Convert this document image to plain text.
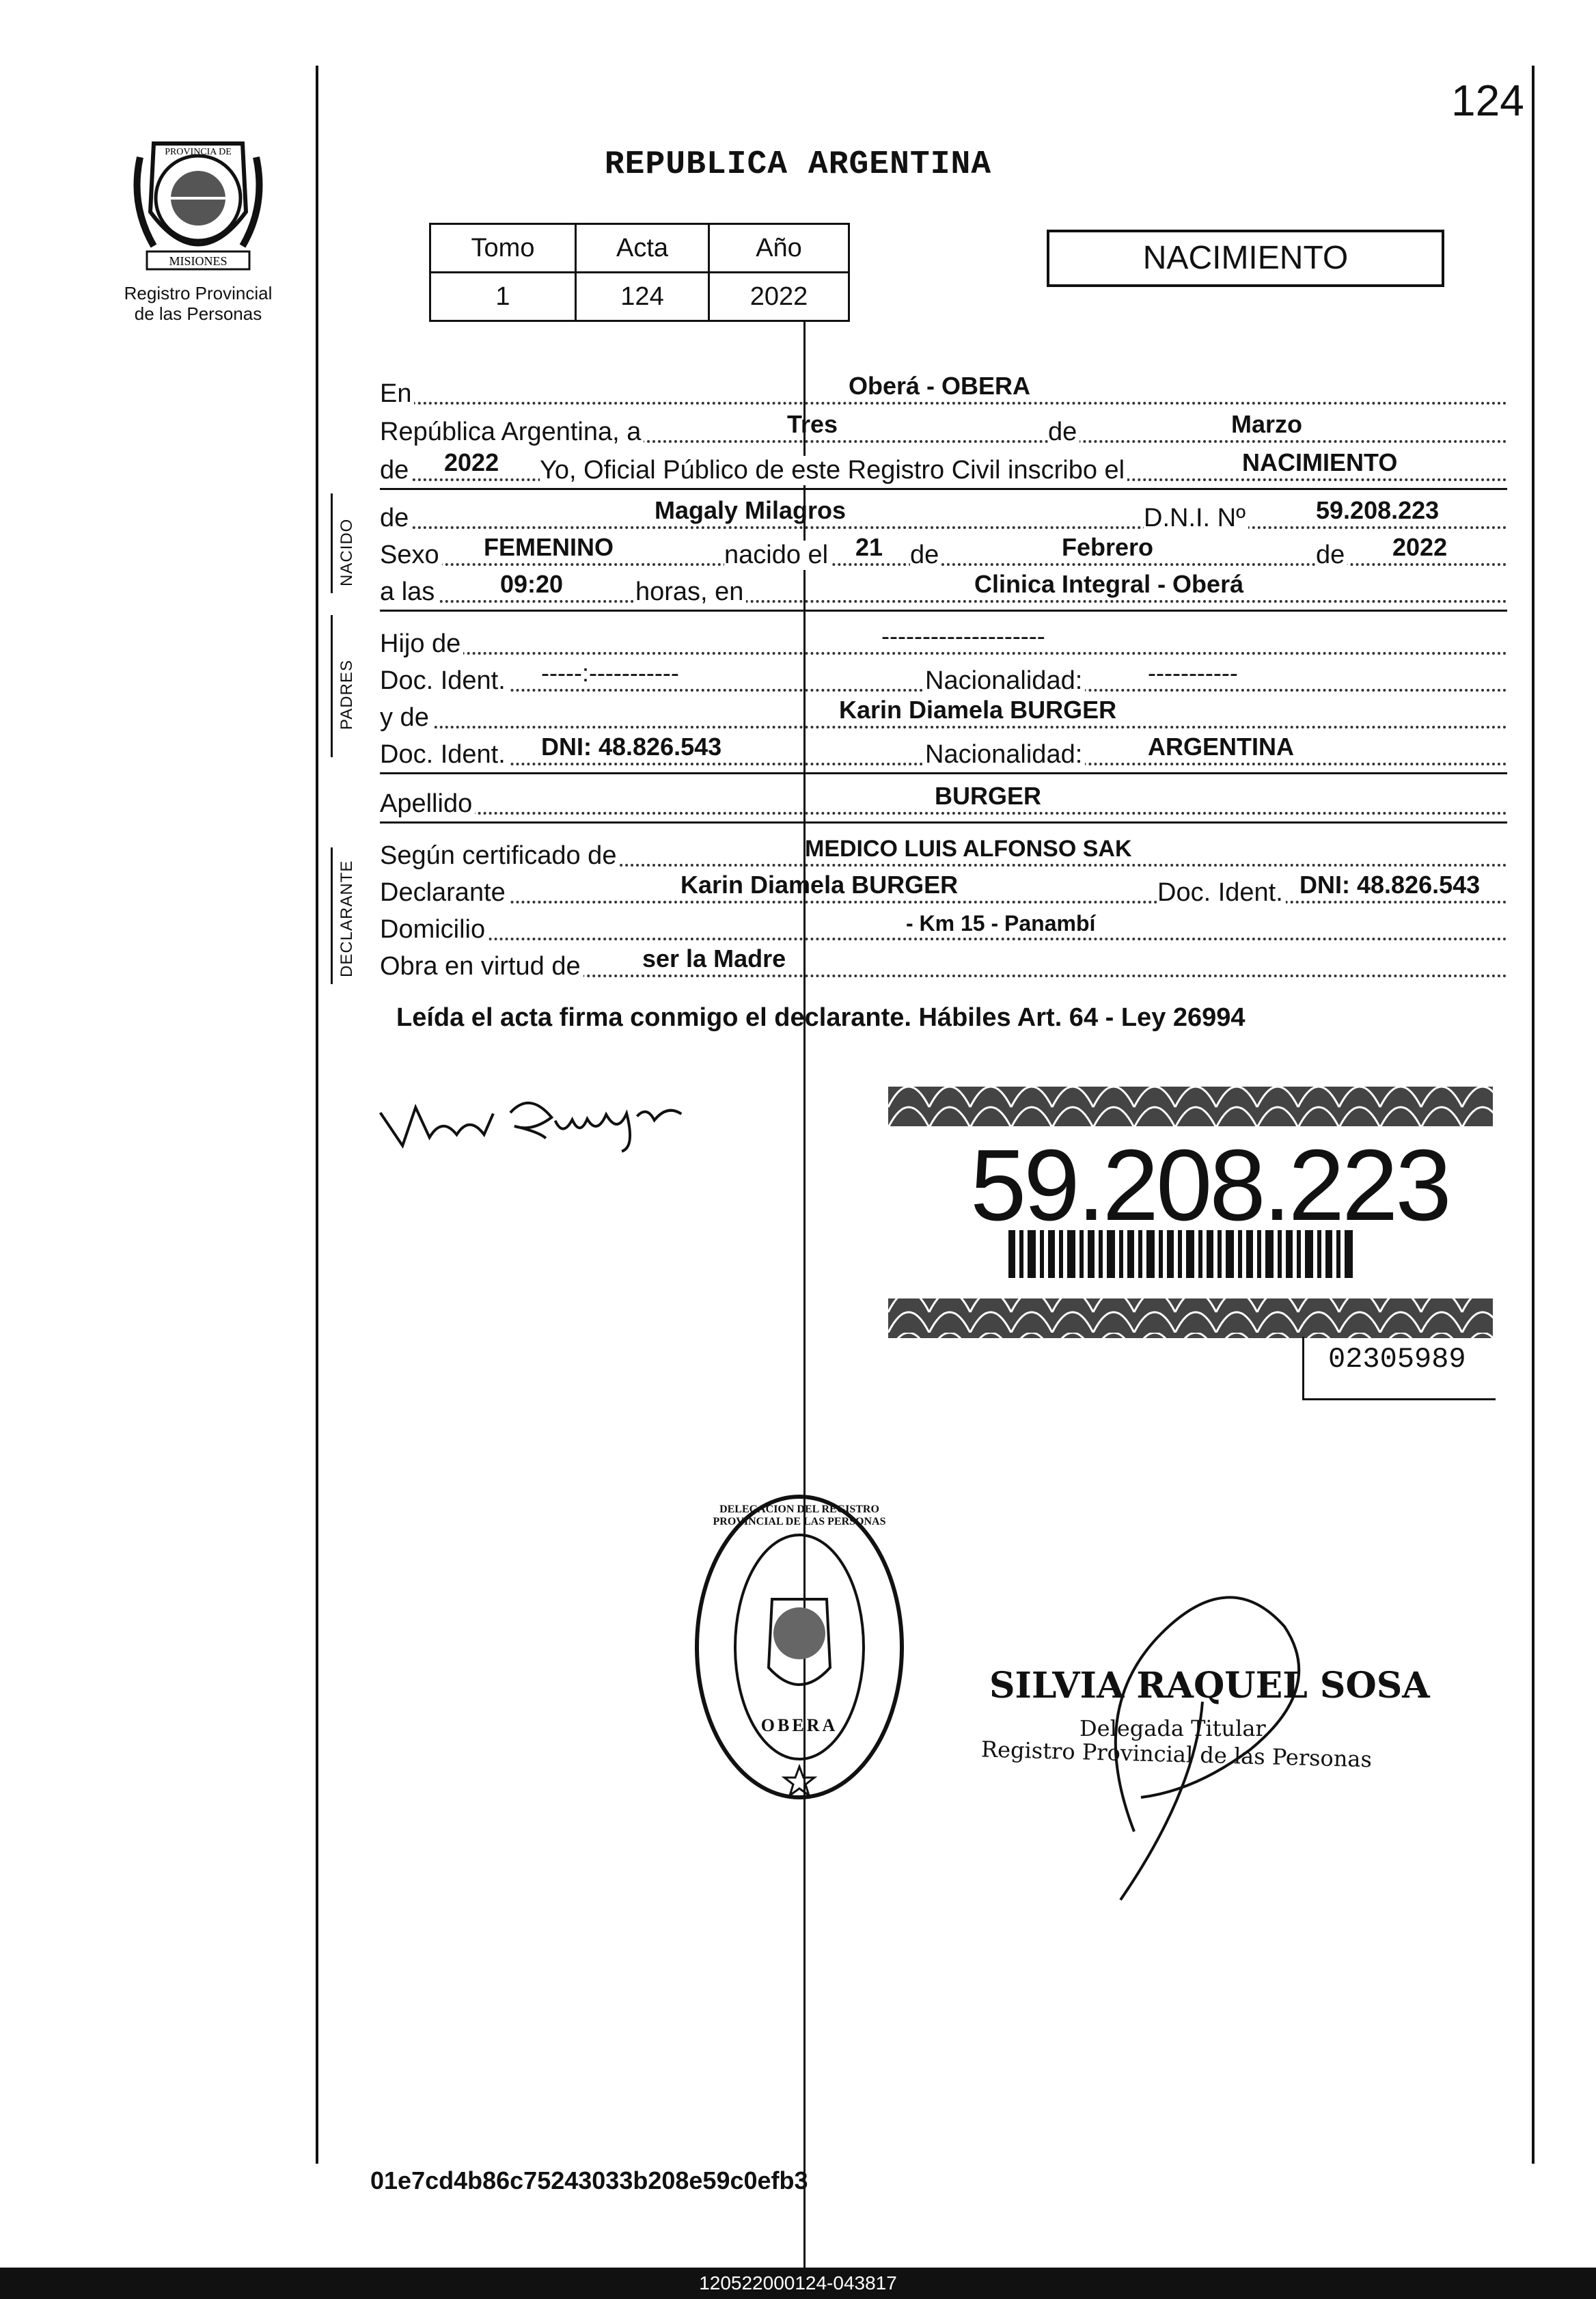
124
REPUBLICA ARGENTINA
MISIONES
PROVINCIA DE
Registro Provincial
de las Personas
Tomo	Acta	Año
1	124	2022
NACIMIENTO
En	Oberá - OBERA
República Argentina, a	Tres	de	Marzo
de 2022 Yo, Oficial Público de este Registro Civil inscribo el	NACIMIENTO
NACIDO
de	Magaly Milagros	D.N.I. Nº	59.208.223
Sexo FEMENINO	nacido el 21 de	Febrero	de 2022
a las	09:20	horas, en	Clinica Integral - Oberá
PADRES
Hijo de	--------------------
Doc. Ident. -----:-----------	Nacionalidad:	-----------
y de	Karin Diamela BURGER
Doc. Ident. DNI: 48.826.543	Nacionalidad:	ARGENTINA
Apellido	BURGER
DECLARANTE
Según certificado de	MEDICO LUIS ALFONSO SAK
Declarante	Karin Diamela BURGER	Doc. Ident. DNI: 48.826.543
Domicilio	- Km 15 - Panambí
Obra en virtud de	ser la Madre
Leída el acta firma conmigo el declarante. Hábiles Art. 64 - Ley 26994
59.208.223
02305989
DELEGACION DEL REGISTRO PROVINCIAL DE LAS PERSONAS
OBERA
SILVIA RAQUEL SOSA
Delegada Titular
Registro Provincial de las Personas
01e7cd4b86c75243033b208e59c0efb3
120522000124-043817
